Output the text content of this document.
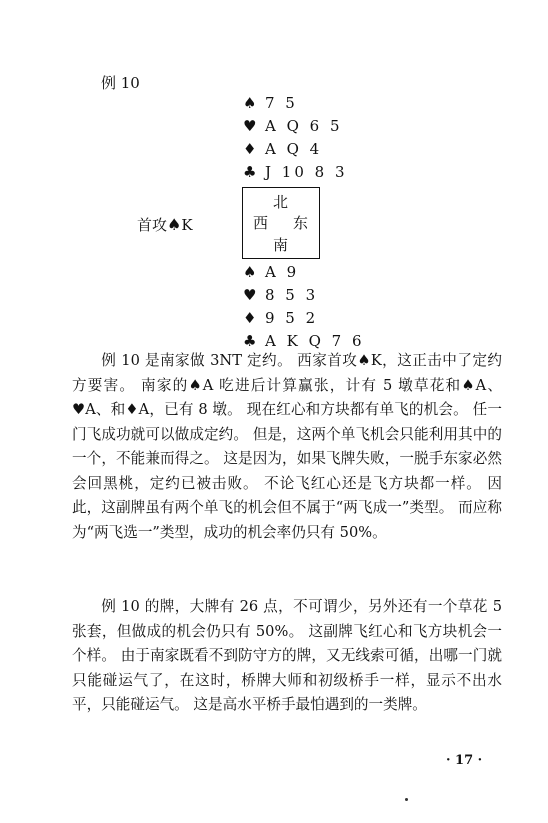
例 10
♠ 7 5
♥ A Q 6 5
♦ A Q 4
♣ J 10 8 3
首攻♠K
北
西 东
南
♠ A 9
♥ 8 5 3
♦ 9 5 2
♣ A K Q 7 6

例 10 是南家做 3NT 定约。 西家首攻♠K，这正击中了定约方要害。 南家的♠A 吃进后计算赢张，计有 5 墩草花和♠A、♥A、和♦A，已有 8 墩。 现在红心和方块都有单飞的机会。 任一门飞成功就可以做成定约。 但是，这两个单飞机会只能利用其中的一个，不能兼而得之。 这是因为，如果飞牌失败，一脱手东家必然会回黑桃，定约已被击败。 不论飞红心还是飞方块都一样。 因此，这副牌虽有两个单飞的机会但不属于“两飞成一”类型。 而应称为“两飞选一”类型，成功的机会率仍只有 50%。

例 10 的牌，大牌有 26 点，不可谓少，另外还有一个草花 5 张套，但做成的机会仍只有 50%。 这副牌飞红心和飞方块机会一个样。 由于南家既看不到防守方的牌，又无线索可循，出哪一门就只能碰运气了，在这时，桥牌大师和初级桥手一样，显示不出水平，只能碰运气。 这是高水平桥手最怕遇到的一类牌。

· 17 ·
